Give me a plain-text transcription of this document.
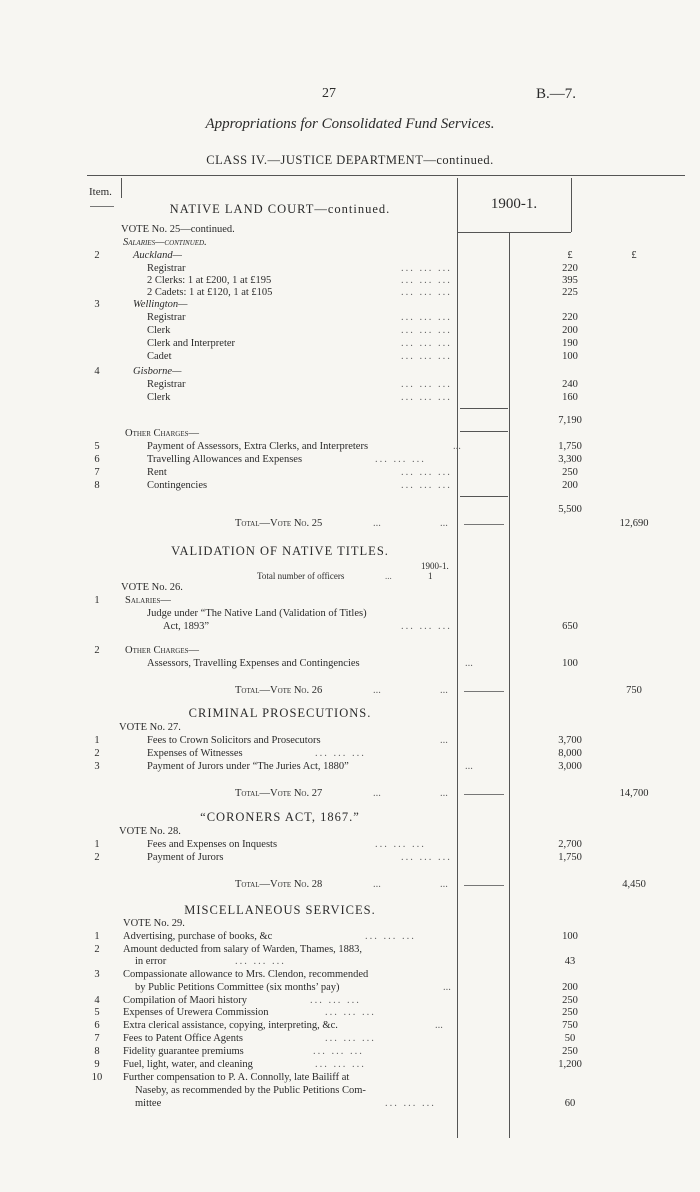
27	B.—7.
Appropriations for Consolidated Fund Services.
CLASS IV.—JUSTICE DEPARTMENT—continued.
Item.
1900-1.
NATIVE LAND COURT—continued.
VOTE No. 25—continued.
Salaries—continued.
2	Auckland—	£	£
Registrar	... ... ...	220
2 Clerks: 1 at £200, 1 at £195	... ... ...	395
2 Cadets: 1 at £120, 1 at £105	... ... ...	225
3	Wellington—
Registrar	... ... ...	220
Clerk	... ... ...	200
Clerk and Interpreter	... ... ...	190
Cadet	... ... ...	100
4	Gisborne—
Registrar	... ... ...	240
Clerk	... ... ...	160
7,190
Other Charges—
5	Payment of Assessors, Extra Clerks, and Interpreters	...	1,750
6	Travelling Allowances and Expenses	... ... ...	3,300
7	Rent	... ... ...	250
8	Contingencies	... ... ...	200
5,500
Total—Vote No. 25	...	...	12,690
VALIDATION OF NATIVE TITLES.
1900-1.
Total number of officers	...	1
VOTE No. 26.
1	Salaries—
Judge under “The Native Land (Validation of Titles)
Act, 1893”	... ... ...	650
2	Other Charges—
Assessors, Travelling Expenses and Contingencies	...	100
Total—Vote No. 26	...	...	750
CRIMINAL PROSECUTIONS.
VOTE No. 27.
1	Fees to Crown Solicitors and Prosecutors	...	3,700
2	Expenses of Witnesses	... ... ...	8,000
3	Payment of Jurors under “The Juries Act, 1880”	...	3,000
Total—Vote No. 27	...	...	14,700
“CORONERS ACT, 1867.”
VOTE No. 28.
1	Fees and Expenses on Inquests	... ... ...	2,700
2	Payment of Jurors	... ... ...	1,750
Total—Vote No. 28	...	...	4,450
MISCELLANEOUS SERVICES.
VOTE No. 29.
1	Advertising, purchase of books, &c	... ... ...	100
2	Amount deducted from salary of Warden, Thames, 1883,
in error	... ... ...	43
3	Compassionate allowance to Mrs. Clendon, recommended
by Public Petitions Committee (six months’ pay)	...	200
4	Compilation of Maori history	... ... ...	250
5	Expenses of Urewera Commission	... ... ...	250
6	Extra clerical assistance, copying, interpreting, &c.	...	750
7	Fees to Patent Office Agents	... ... ...	50
8	Fidelity guarantee premiums	... ... ...	250
9	Fuel, light, water, and cleaning	... ... ...	1,200
10	Further compensation to P. A. Connolly, late Bailiff at
Naseby, as recommended by the Public Petitions Com-
mittee	... ... ...	60
